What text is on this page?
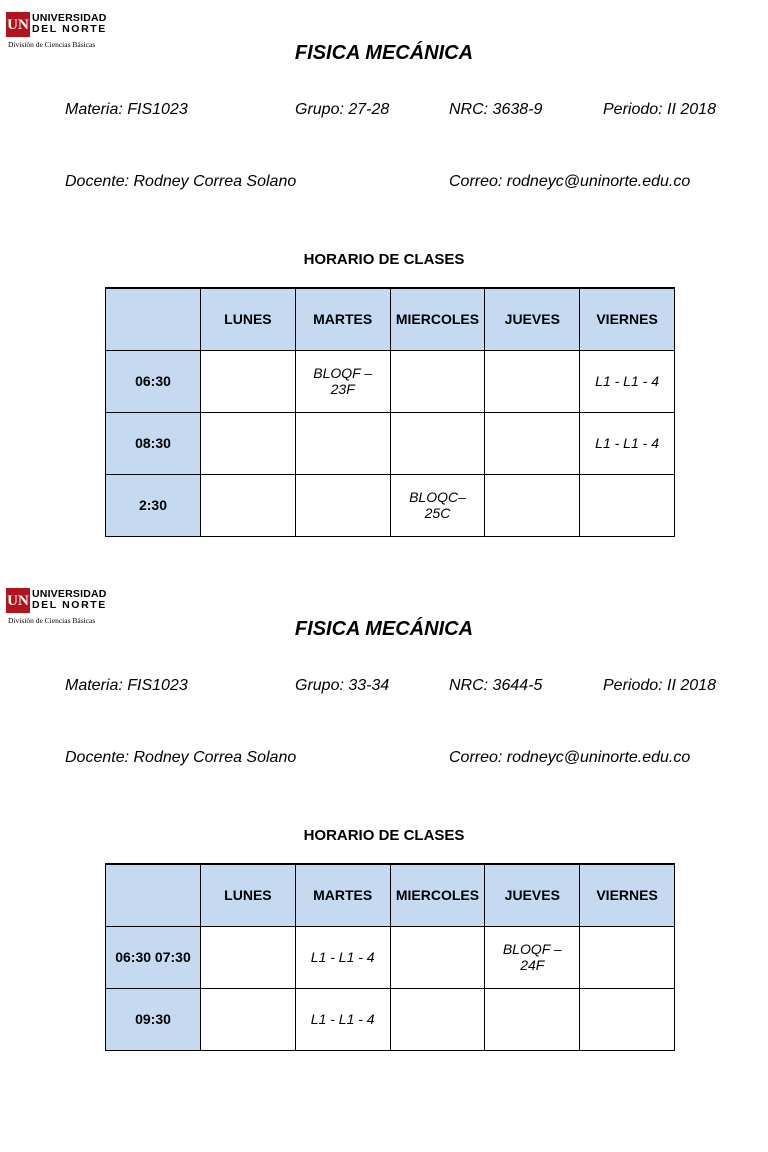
UN UNIVERSIDAD
DEL NORTE
División de Ciencias Básicas	FISICA MECÁNICA
Materia: FIS1023	Grupo: 27-28	NRC: 3638-9	Periodo: II 2018
Docente: Rodney Correa Solano	Correo: rodneyc@uninorte.edu.co
HORARIO DE CLASES
	LUNES	MARTES	MIERCOLES	JUEVES	VIERNES
06:30		BLOQF – 23F			L1 - L1 - 4
08:30					L1 - L1 - 4
2:30			BLOQC– 25C		
UN UNIVERSIDAD
DEL NORTE
División de Ciencias Básicas	FISICA MECÁNICA
Materia: FIS1023	Grupo: 33-34	NRC: 3644-5	Periodo: II 2018
Docente: Rodney Correa Solano	Correo: rodneyc@uninorte.edu.co
HORARIO DE CLASES
	LUNES	MARTES	MIERCOLES	JUEVES	VIERNES
06:30 07:30		L1 - L1 - 4		BLOQF – 24F	
09:30		L1 - L1 - 4			
